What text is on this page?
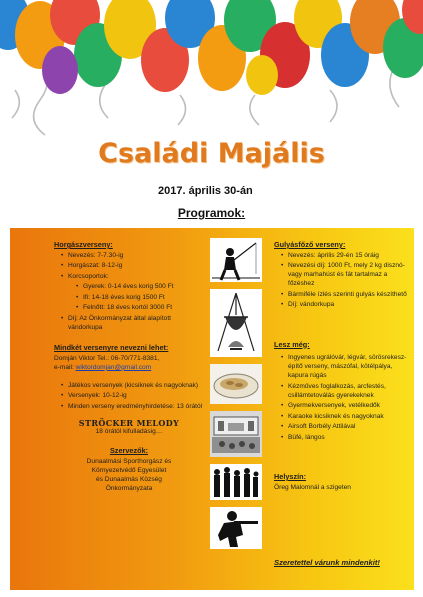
Családi Majális
2017. április 30-án
Programok:
Horgászverseny:
• Nevezés: 7-7.30-ig
• Horgászat: 8-12-ig
• Korcsoportok:
• Gyerek: 0-14 éves korig 500 Ft
• Ifi: 14-18 éves korig 1500 Ft
• Felnőtt: 18 éves kortól 3000 Ft
• Díj: Az Önkormányzat által alapított vándorkupa
Mindkét versenyre nevezni lehet:
Domján Viktor Tel.: 06-70/771-8381,
e-mail: wiktordomjan@gmail.com
• Játékos versenyek (kicsiknek és nagyoknak)
• Versenyek: 10-12-ig
• Minden verseny eredményhirdetése: 13 órától
STRÖCKER MELODY
18 órától kifulladásig…
Szervezők:
Dunaalmási Sporthorgász és
Környezetvédő Egyesület
és Dunaalmás Község
Önkormányzata
Gulyásfőző verseny:
• Nevezés: április 29-én 15 óráig
• Nevezési díj: 1000 Ft, mely 2 kg disznó- vagy marhahúst és fát tartalmaz a főzéshez
• Bármiféle ízlés szerinti gulyás készíthető
• Díj: vándorkupa
Lesz még:
• Ingyenes ugrálóvár, légvár, sörösrekesz-építő verseny, mászófal, kötélpálya, kapura rúgás
• Kézműves foglalkozás, arcfestés, csillámtetoválás gyerekeknek
• Gyermekversenyek, vetélkedők
• Karaoke kicsiknek és nagyoknak
• Airsoft Borbély Attilával
• Büfé, lángos
Helyszín:
Öreg Malomnál a szigeten
Szeretettel várunk mindenkit!
